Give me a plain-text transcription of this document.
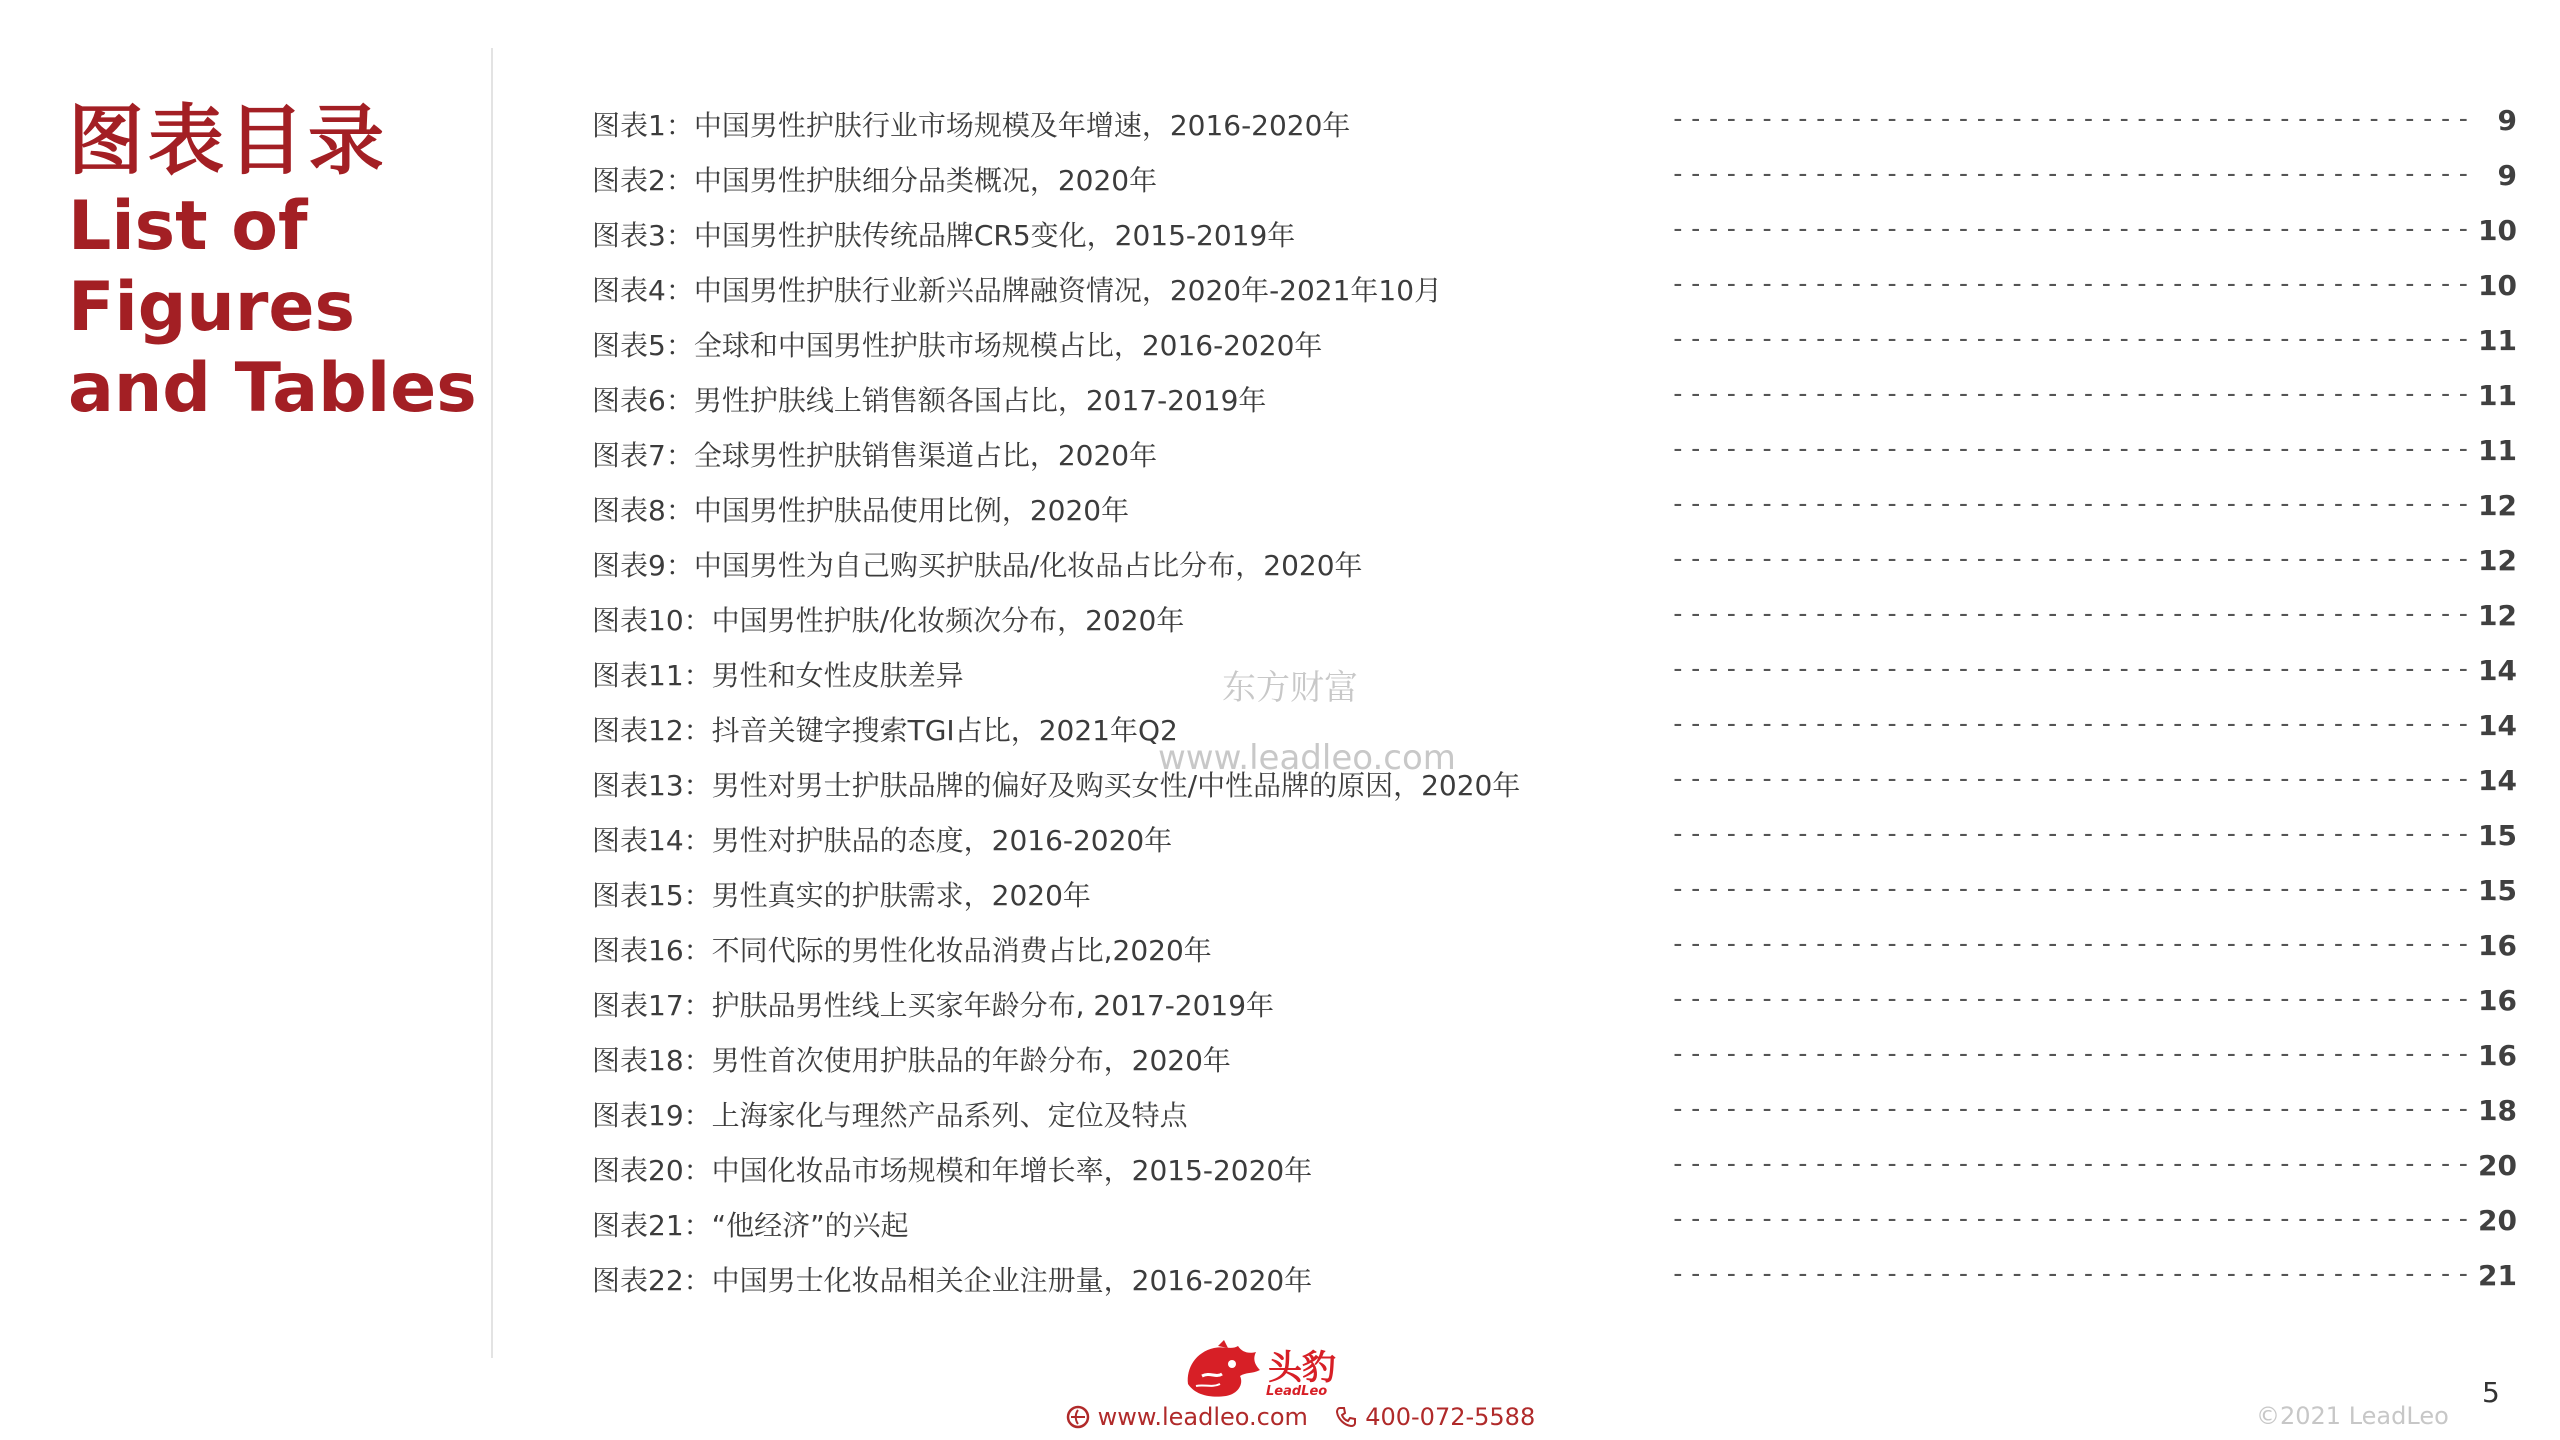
图表目录
List of
Figures
and Tables
图表1：中国男性护肤行业市场规模及年增速，2016-2020年	--------------------------------------------- 9
图表2：中国男性护肤细分品类概况，2020年	--------------------------------------------- 9
图表3：中国男性护肤传统品牌CR5变化，2015-2019年	--------------------------------------------- 10
图表4：中国男性护肤行业新兴品牌融资情况，2020年-2021年10月	--------------------------------------------- 10
图表5：全球和中国男性护肤市场规模占比，2016-2020年	--------------------------------------------- 11
图表6：男性护肤线上销售额各国占比，2017-2019年	--------------------------------------------- 11
图表7：全球男性护肤销售渠道占比，2020年	--------------------------------------------- 11
图表8：中国男性护肤品使用比例，2020年	--------------------------------------------- 12
图表9：中国男性为自己购买护肤品/化妆品占比分布，2020年	--------------------------------------------- 12
图表10：中国男性护肤/化妆频次分布，2020年	--------------------------------------------- 12
图表11：男性和女性皮肤差异	--------------------------------------------- 14
图表12：抖音关键字搜索TGI占比，2021年Q2	--------------------------------------------- 14
图表13：男性对男士护肤品牌的偏好及购买女性/中性品牌的原因，2020年	--------------------------------------------- 14
图表14：男性对护肤品的态度，2016-2020年	--------------------------------------------- 15
图表15：男性真实的护肤需求，2020年	--------------------------------------------- 15
图表16：不同代际的男性化妆品消费占比,2020年	--------------------------------------------- 16
图表17：护肤品男性线上买家年龄分布, 2017-2019年	--------------------------------------------- 16
图表18：男性首次使用护肤品的年龄分布，2020年	--------------------------------------------- 16
图表19：上海家化与理然产品系列、定位及特点	--------------------------------------------- 18
图表20：中国化妆品市场规模和年增长率，2015-2020年	--------------------------------------------- 20
图表21：“他经济”的兴起	--------------------------------------------- 20
图表22：中国男士化妆品相关企业注册量，2016-2020年	--------------------------------------------- 21
东方财富
www.leadleo.com
头豹
LeadLeo
www.leadleo.com 400-072-5588	©2021 LeadLeo
5
